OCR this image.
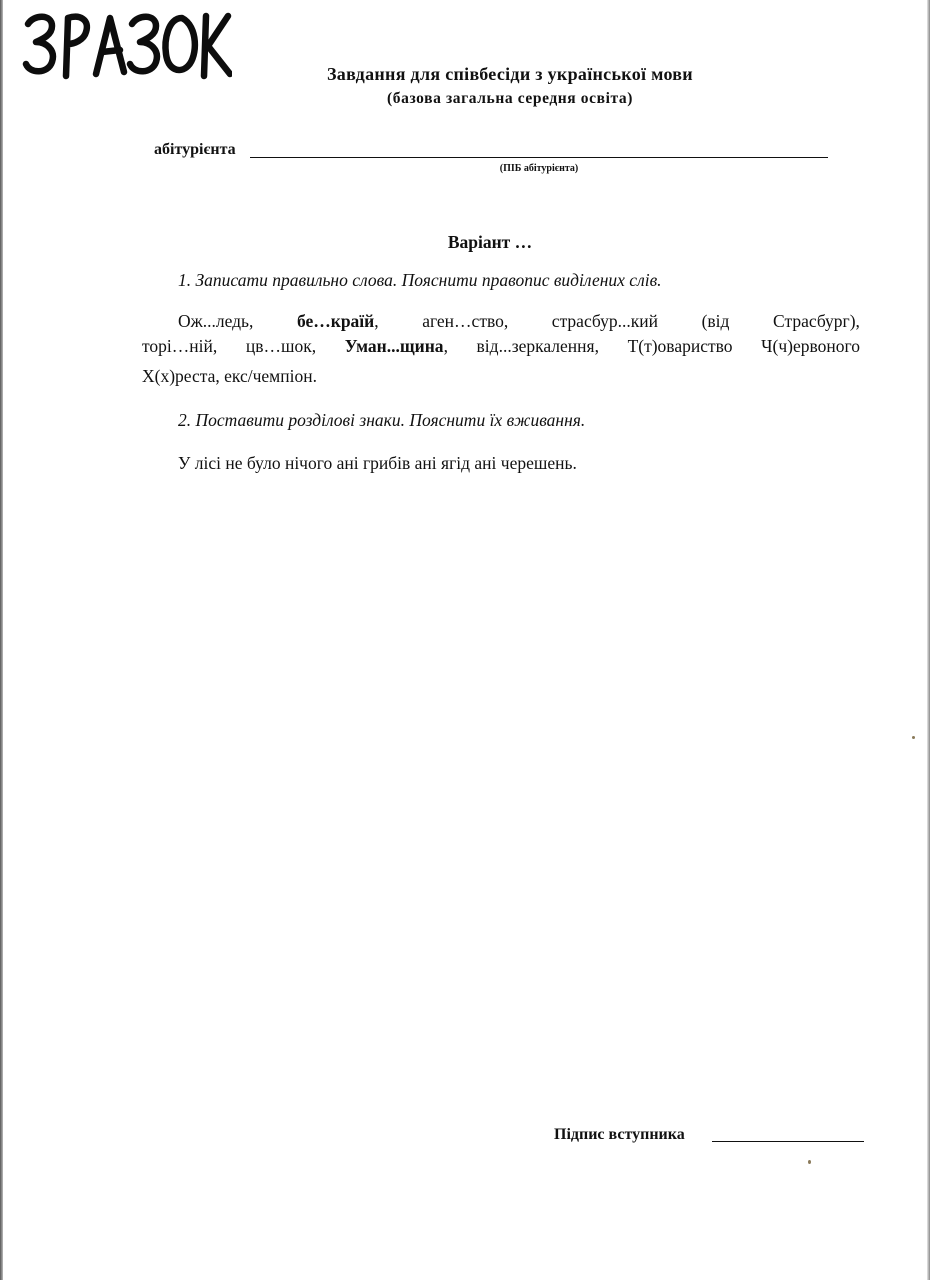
Завдання для співбесіди з української мови
(базова загальна середня освіта)
абітурієнта
(ПІБ абітурієнта)
Варіант …
1. Записати правильно слова. Пояснити правопис виділених слів.
Ож...ледь, бе…країй, аген…ство, страсбур...кий (від Страсбург),
торі…ній, цв…шок, Уман...щина, від...зеркалення, Т(т)овариство Ч(ч)ервоного
Х(х)реста, екс/чемпіон.
2. Поставити розділові знаки. Пояснити їх вживання.
У лісі не було нічого ані грибів ані ягід ані черешень.
Підпис вступника
